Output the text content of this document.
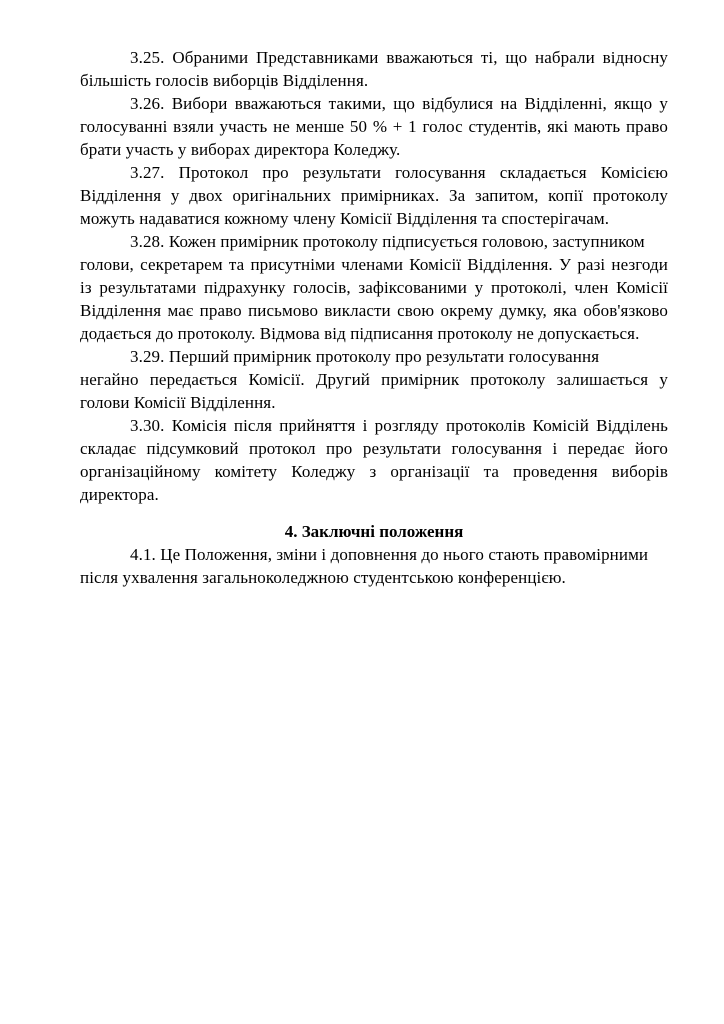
3.25. Обраними Представниками вважаються ті, що набрали відносну
більшість голосів виборців Відділення.
3.26. Вибори вважаються такими, що відбулися на Відділенні, якщо у
голосуванні взяли участь не менше 50 % + 1 голос студентів, які мають право
брати участь у виборах директора Коледжу.
3.27. Протокол про результати голосування складається Комісією
Відділення у двох оригінальних примірниках. За запитом, копії протоколу
можуть надаватися кожному члену Комісії Відділення та спостерігачам.
3.28. Кожен примірник протоколу підписується головою, заступником
голови, секретарем та присутніми членами Комісії Відділення. У разі незгоди
із результатами підрахунку голосів, зафіксованими у протоколі, член Комісії
Відділення має право письмово викласти свою окрему думку, яка обов'язково
додається до протоколу. Відмова від підписання протоколу не допускається.
3.29. Перший примірник протоколу про результати голосування
негайно передається Комісії. Другий примірник протоколу залишається у
голови Комісії Відділення.
3.30. Комісія після прийняття і розгляду протоколів Комісій Відділень
складає підсумковий протокол про результати голосування і передає його
організаційному комітету Коледжу з організації та проведення виборів
директора.
4. Заключні положення
4.1. Це Положення, зміни і доповнення до нього стають правомірними
після ухвалення загальноколеджною студентською конференцією.
